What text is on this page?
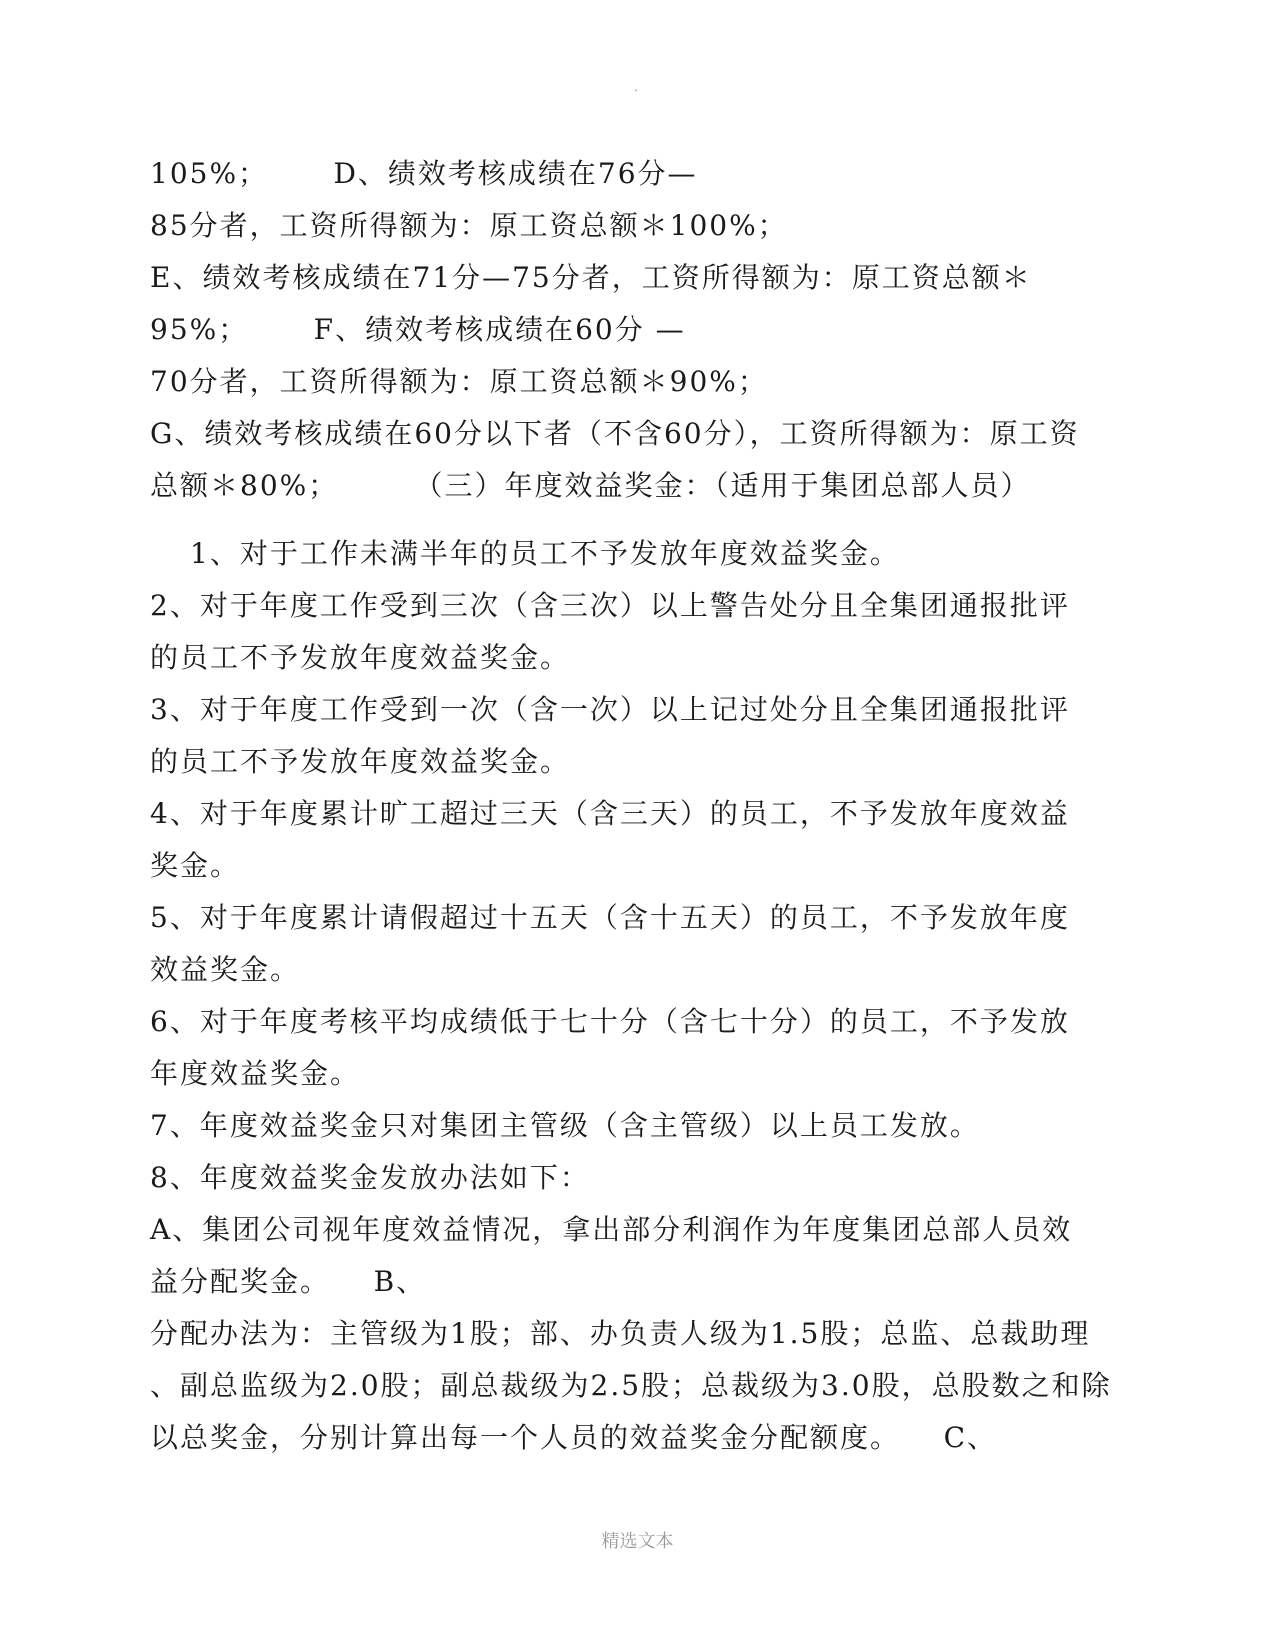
.
105%；      D、绩效考核成绩在76分—
85分者，工资所得额为：原工资总额＊100%；
E、绩效考核成绩在71分—75分者，工资所得额为：原工资总额＊
95%；      F、绩效考核成绩在60分 —
70分者，工资所得额为：原工资总额＊90%；
G、绩效考核成绩在60分以下者（不含60分），工资所得额为：原工资
总额＊80%；       （三）年度效益奖金：（适用于集团总部人员）
1、对于工作未满半年的员工不予发放年度效益奖金。
2、对于年度工作受到三次（含三次）以上警告处分且全集团通报批评
的员工不予发放年度效益奖金。
3、对于年度工作受到一次（含一次）以上记过处分且全集团通报批评
的员工不予发放年度效益奖金。
4、对于年度累计旷工超过三天（含三天）的员工，不予发放年度效益
奖金。
5、对于年度累计请假超过十五天（含十五天）的员工，不予发放年度
效益奖金。
6、对于年度考核平均成绩低于七十分（含七十分）的员工，不予发放
年度效益奖金。
7、年度效益奖金只对集团主管级（含主管级）以上员工发放。
8、年度效益奖金发放办法如下：
A、集团公司视年度效益情况，拿出部分利润作为年度集团总部人员效
益分配奖金。    B、
分配办法为：主管级为1股；部、办负责人级为1.5股；总监、总裁助理
、副总监级为2.0股；副总裁级为2.5股；总裁级为3.0股，总股数之和除
以总奖金，分别计算出每一个人员的效益奖金分配额度。    C、
精选文本
